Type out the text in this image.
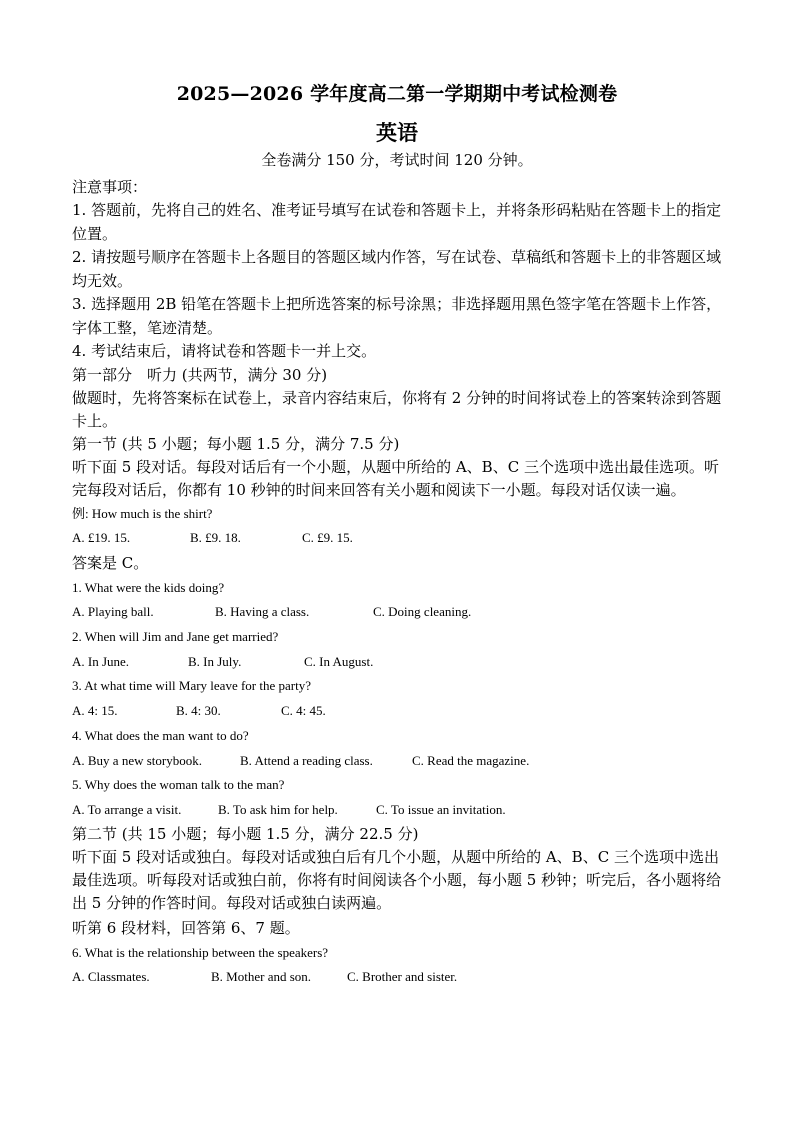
2025—2026 学年度高二第一学期期中考试检测卷
英语
全卷满分 150 分，考试时间 120 分钟。

注意事项：

1. 答题前，先将自己的姓名、准考证号填写在试卷和答题卡上，并将条形码粘贴在答题卡上的指定位置。

2. 请按题号顺序在答题卡上各题目的答题区域内作答，写在试卷、草稿纸和答题卡上的非答题区域均无效。

3. 选择题用 2B 铅笔在答题卡上把所选答案的标号涂黑；非选择题用黑色签字笔在答题卡上作答，字体工整，笔迹清楚。

4. 考试结束后，请将试卷和答题卡一并上交。

第一部分　听力 (共两节，满分 30 分)

做题时，先将答案标在试卷上，录音内容结束后，你将有 2 分钟的时间将试卷上的答案转涂到答题卡上。

第一节 (共 5 小题；每小题 1.5 分，满分 7.5 分)

听下面 5 段对话。每段对话后有一个小题，从题中所给的 A、B、C 三个选项中选出最佳选项。听完每段对话后，你都有 10 秒钟的时间来回答有关小题和阅读下一小题。每段对话仅读一遍。

例: How much is the shirt?

A. £19. 15.	B. £9. 18.	C. £9. 15.

答案是 C。

1. What were the kids doing?

A. Playing ball.	B. Having a class.	C. Doing cleaning.

2. When will Jim and Jane get married?

A. In June.	B. In July.	C. In August.

3. At what time will Mary leave for the party?

A. 4: 15.	B. 4: 30.	C. 4: 45.

4. What does the man want to do?

A. Buy a new storybook.	B. Attend a reading class.	C. Read the magazine.

5. Why does the woman talk to the man?

A. To arrange a visit.	B. To ask him for help.	C. To issue an invitation.

第二节 (共 15 小题；每小题 1.5 分，满分 22.5 分)

听下面 5 段对话或独白。每段对话或独白后有几个小题，从题中所给的 A、B、C 三个选项中选出最佳选项。听每段对话或独白前，你将有时间阅读各个小题，每小题 5 秒钟；听完后，各小题将给出 5 分钟的作答时间。每段对话或独白读两遍。

听第 6 段材料，回答第 6、7 题。

6. What is the relationship between the speakers?

A. Classmates.	B. Mother and son.	C. Brother and sister.
